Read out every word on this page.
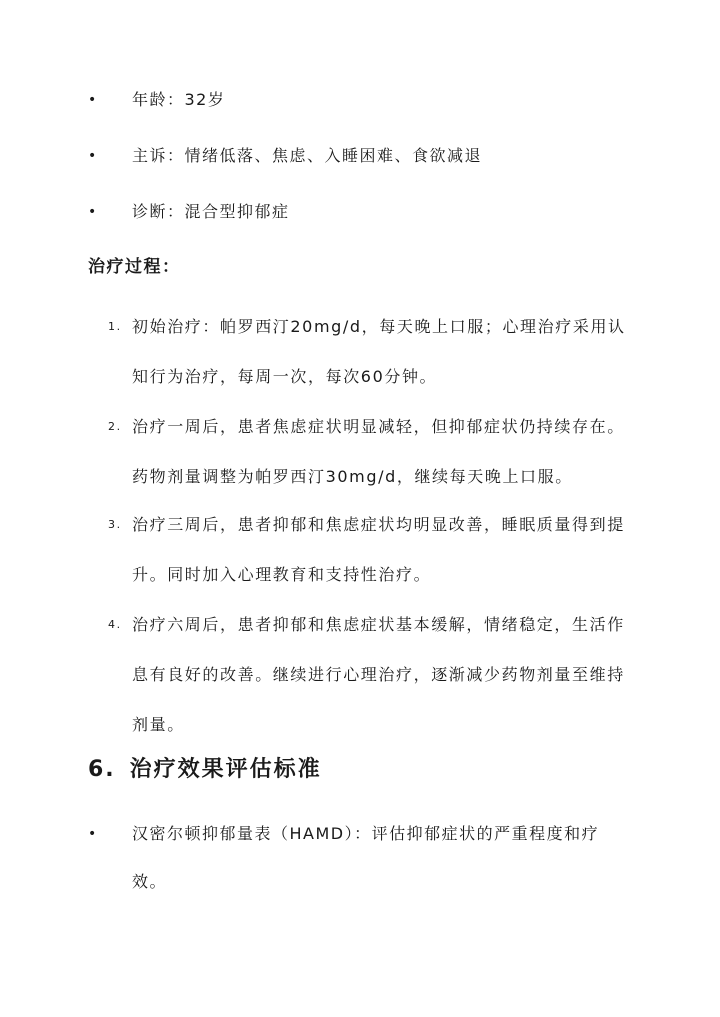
•	年龄：32岁
•	主诉：情绪低落、焦虑、入睡困难、食欲减退
•	诊断：混合型抑郁症
治疗过程：
1. 初始治疗：帕罗西汀20mg/d，每天晚上口服；心理治疗采用认知行为治疗，每周一次，每次60分钟。
2. 治疗一周后，患者焦虑症状明显减轻，但抑郁症状仍持续存在。药物剂量调整为帕罗西汀30mg/d，继续每天晚上口服。
3. 治疗三周后，患者抑郁和焦虑症状均明显改善，睡眠质量得到提升。同时加入心理教育和支持性治疗。
4. 治疗六周后，患者抑郁和焦虑症状基本缓解，情绪稳定，生活作息有良好的改善。继续进行心理治疗，逐渐减少药物剂量至维持剂量。
6. 治疗效果评估标准
•	汉密尔顿抑郁量表（HAMD）：评估抑郁症状的严重程度和疗效。
